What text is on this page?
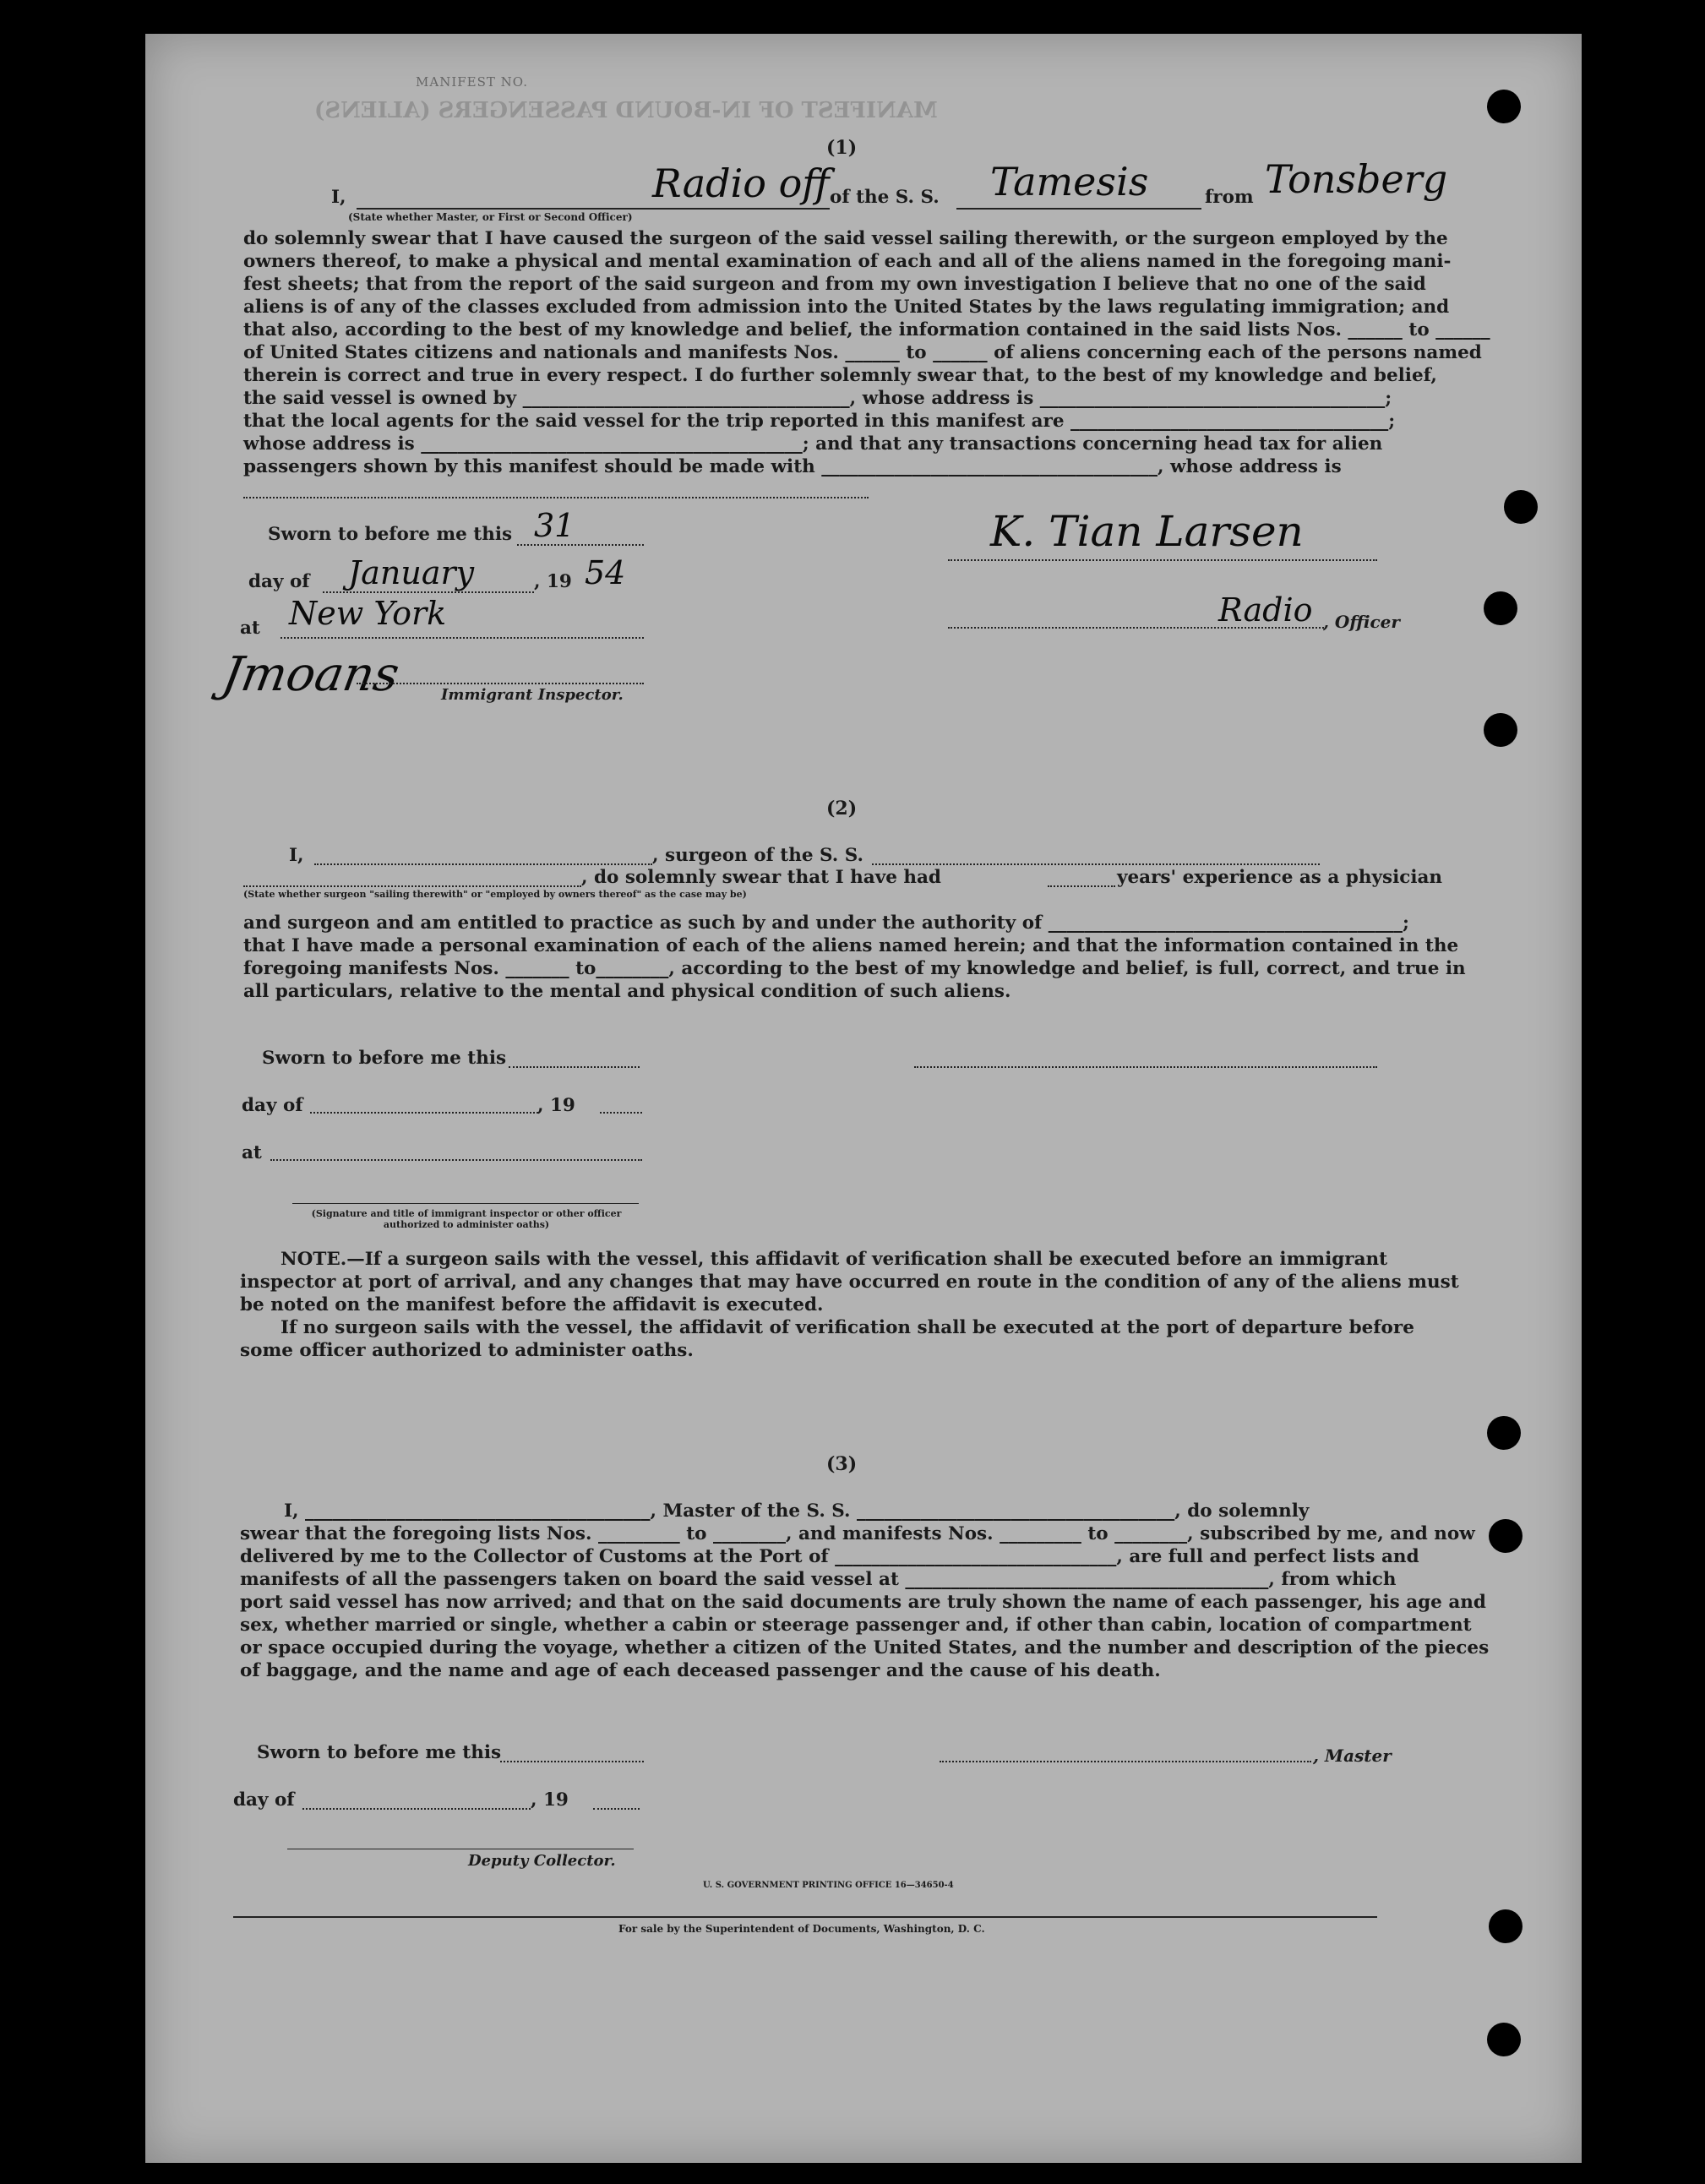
MANIFEST NO.
MANIFEST OF IN-BOUND PASSENGERS (ALIENS)
(1)
I,	Radio off of the S. S. Tamesis	from Tonsberg
(State whether Master, or First or Second Officer)
do solemnly swear that I have caused the surgeon of the said vessel sailing therewith, or the surgeon employed by the
owners thereof, to make a physical and mental examination of each and all of the aliens named in the foregoing mani-
fest sheets; that from the report of the said surgeon and from my own investigation I believe that no one of the said
aliens is of any of the classes excluded from admission into the United States by the laws regulating immigration; and
that also, according to the best of my knowledge and belief, the information contained in the said lists Nos. ______ to ______
of United States citizens and nationals and manifests Nos. ______ to ______ of aliens concerning each of the persons named
therein is correct and true in every respect. I do further solemnly swear that, to the best of my knowledge and belief,
the said vessel is owned by ____________________________________, whose address is ______________________________________;
that the local agents for the said vessel for the trip reported in this manifest are ___________________________________;
whose address is __________________________________________; and that any transactions concerning head tax for alien
passengers shown by this manifest should be made with _____________________________________, whose address is
Sworn to before me this 31
day of January	, 19 54
at New York
Jmoans Immigrant Inspector.
K. Tian Larsen
Radio , Officer
(2)
I,	, surgeon of the S. S.
, do solemnly swear that I have had	years' experience as a physician
(State whether surgeon "sailing therewith" or "employed by owners thereof" as the case may be)
and surgeon and am entitled to practice as such by and under the authority of _______________________________________;
that I have made a personal examination of each of the aliens named herein; and that the information contained in the
foregoing manifests Nos. _______ to________, according to the best of my knowledge and belief, is full, correct, and true in
all particulars, relative to the mental and physical condition of such aliens.
Sworn to before me this
day of	, 19
at
(Signature and title of immigrant inspector or other officer authorized to administer oaths)
NOTE.—If a surgeon sails with the vessel, this affidavit of verification shall be executed before an immigrant
inspector at port of arrival, and any changes that may have occurred en route in the condition of any of the aliens must
be noted on the manifest before the affidavit is executed.
If no surgeon sails with the vessel, the affidavit of verification shall be executed at the port of departure before
some officer authorized to administer oaths.
(3)
I, ______________________________________, Master of the S. S. ___________________________________, do solemnly
swear that the foregoing lists Nos. _________ to ________, and manifests Nos. _________ to ________, subscribed by me, and now
delivered by me to the Collector of Customs at the Port of _______________________________, are full and perfect lists and
manifests of all the passengers taken on board the said vessel at ________________________________________, from which
port said vessel has now arrived; and that on the said documents are truly shown the name of each passenger, his age and
sex, whether married or single, whether a cabin or steerage passenger and, if other than cabin, location of compartment
or space occupied during the voyage, whether a citizen of the United States, and the number and description of the pieces
of baggage, and the name and age of each deceased passenger and the cause of his death.
Sworn to before me this	, Master
day of	, 19
Deputy Collector.
U. S. GOVERNMENT PRINTING OFFICE 16—34650-4
For sale by the Superintendent of Documents, Washington, D. C.
